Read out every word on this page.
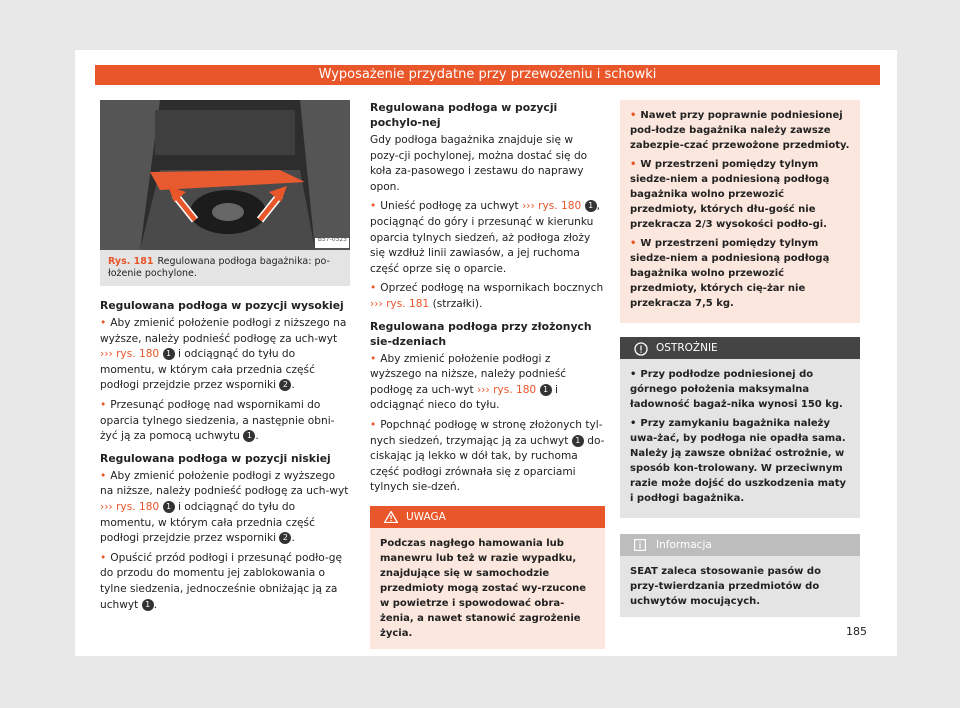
Wyposażenie przydatne przy przewożeniu i schowki
B57-0323
Rys. 181 Regulowana podłoga bagażnika: po-łożenie pochylone.
Regulowana podłoga w pozycji wysokiej
• Aby zmienić położenie podłogi z niższego na wyższe, należy podnieść podłogę za uch-wyt ››› rys. 180 1 i odciągnąć do tyłu do momentu, w którym cała przednia część podłogi przejdzie przez wsporniki 2 .
• Przesunąć podłogę nad wspornikami do oparcia tylnego siedzenia, a następnie obni-żyć ją za pomocą uchwytu 1 .
Regulowana podłoga w pozycji niskiej
• Aby zmienić położenie podłogi z wyższego na niższe, należy podnieść podłogę za uch-wyt ››› rys. 180 1 i odciągnąć do tyłu do momentu, w którym cała przednia część podłogi przejdzie przez wsporniki 2 .
• Opuścić przód podłogi i przesunąć podło-gę do przodu do momentu jej zablokowania o tylne siedzenia, jednocześnie obniżając ją za uchwyt 1 .
Regulowana podłoga w pozycji pochylo-nej

Gdy podłoga bagażnika znajduje się w pozy-cji pochylonej, można dostać się do koła za-pasowego i zestawu do naprawy opon.

• Unieść podłogę za uchwyt ››› rys. 180 1 , pociągnąć do góry i przesunąć w kierunku oparcia tylnych siedzeń, aż podłoga złoży się wzdłuż linii zawiasów, a jej ruchoma część oprze się o oparcie.
• Oprzeć podłogę na wspornikach bocznych ››› rys. 181 (strzałki).
Regulowana podłoga przy złożonych sie-dzeniach
• Aby zmienić położenie podłogi z wyższego na niższe, należy podnieść podłogę za uch-wyt ››› rys. 180 1 i odciągnąć nieco do tyłu.
• Popchnąć podłogę w stronę złożonych tyl-nych siedzeń, trzymając ją za uchwyt 1 do-ciskając ją lekko w dół tak, by ruchoma część podłogi zrównała się z oparciami tylnych sie-dzeń.
UWAGA
Podczas nagłego hamowania lub manewru lub też w razie wypadku, znajdujące się w samochodzie przedmioty mogą zostać wy-rzucone w powietrze i spowodować obra-żenia, a nawet stanowić zagrożenie życia.
• Nawet przy poprawnie podniesionej pod-łodze bagażnika należy zawsze zabezpie-czać przewożone przedmioty.
• W przestrzeni pomiędzy tylnym siedze-niem a podniesioną podłogą bagażnika wolno przewozić przedmioty, których dłu-gość nie przekracza 2/3 wysokości podło-gi.
• W przestrzeni pomiędzy tylnym siedze-niem a podniesioną podłogą bagażnika wolno przewozić przedmioty, których cię-żar nie przekracza 7,5 kg.
OSTROŻNIE
• Przy podłodze podniesionej do górnego położenia maksymalna ładowność bagaż-nika wynosi 150 kg.
• Przy zamykaniu bagażnika należy uwa-żać, by podłoga nie opadła sama. Należy ją zawsze obniżać ostrożnie, w sposób kon-trolowany. W przeciwnym razie może dojść do uszkodzenia maty i podłogi bagażnika.
Informacja
SEAT zaleca stosowanie pasów do przy-twierdzania przedmiotów do uchwytów mocujących.
185
